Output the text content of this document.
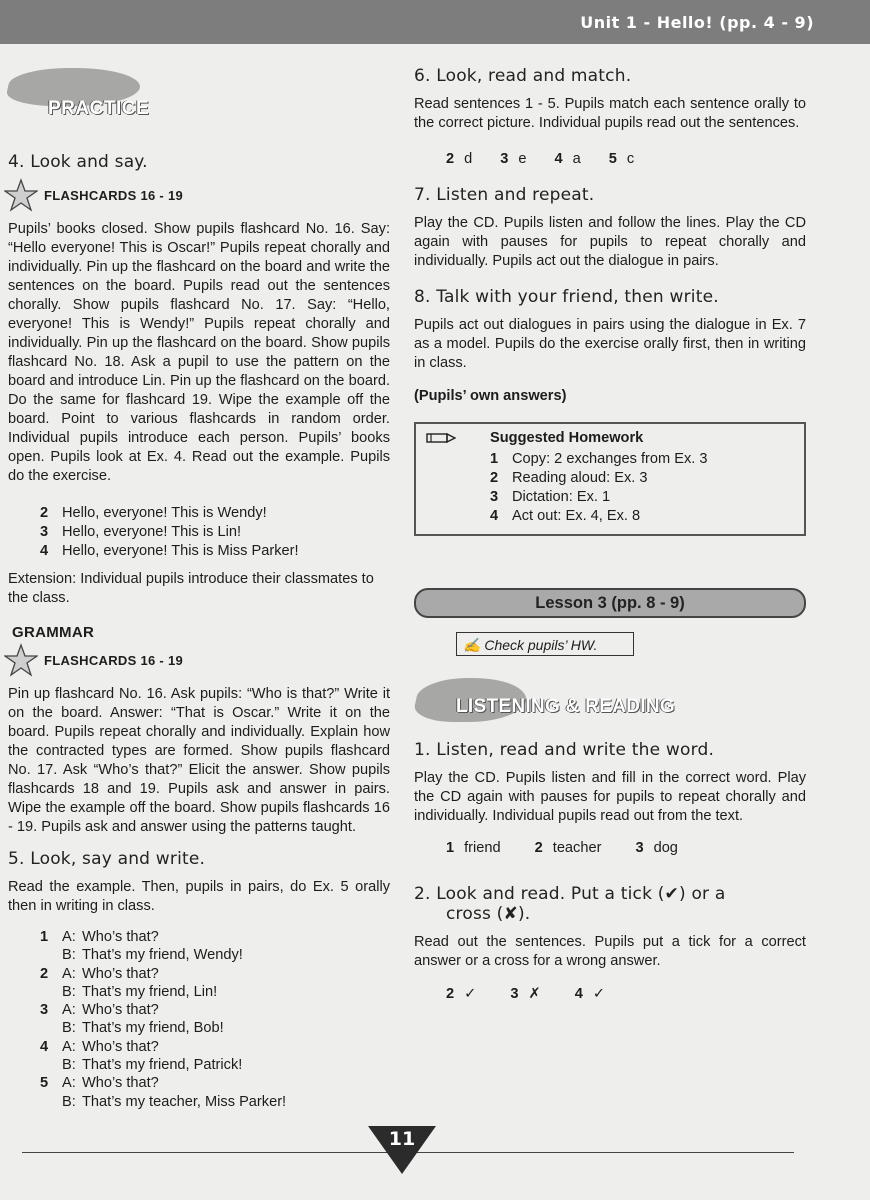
Unit 1 - Hello! (pp. 4 - 9)
PRACTICE
4. Look and say.
FLASHCARDS 16 - 19

Pupils’ books closed. Show pupils flashcard No. 16. Say: “Hello everyone! This is Oscar!” Pupils repeat chorally and individually. Pin up the flashcard on the board and write the sentences on the board. Pupils read out the sentences chorally. Show pupils flashcard No. 17. Say: “Hello, everyone! This is Wendy!” Pupils repeat chorally and individually. Pin up the flashcard on the board. Show pupils flashcard No. 18. Ask a pupil to use the pattern on the board and introduce Lin. Pin up the flashcard on the board. Do the same for flashcard 19. Wipe the example off the board. Point to various flashcards in random order. Individual pupils introduce each person. Pupils’ books open. Pupils look at Ex. 4. Read out the example. Pupils do the exercise.

2 Hello, everyone! This is Wendy!
3 Hello, everyone! This is Lin!
4 Hello, everyone! This is Miss Parker!

Extension: Individual pupils introduce their classmates to the class.

GRAMMAR
FLASHCARDS 16 - 19

Pin up flashcard No. 16. Ask pupils: “Who is that?” Write it on the board. Answer: “That is Oscar.” Write it on the board. Pupils repeat chorally and individually. Explain how the contracted types are formed. Show pupils flashcard No. 17. Ask “Who’s that?” Elicit the answer. Show pupils flashcards 18 and 19. Pupils ask and answer in pairs. Wipe the example off the board. Show pupils flashcards 16 - 19. Pupils ask and answer using the patterns taught.

5. Look, say and write.

Read the example. Then, pupils in pairs, do Ex. 5 orally then in writing in class.

1 A: Who’s that?
B: That’s my friend, Wendy!
2 A: Who’s that?
B: That’s my friend, Lin!
3 A: Who’s that?
B: That’s my friend, Bob!
4 A: Who’s that?
B: That’s my friend, Patrick!
5 A: Who’s that?
B: That’s my teacher, Miss Parker!
6. Look, read and match.

Read sentences 1 - 5. Pupils match each sentence orally to the correct picture. Individual pupils read out the sentences.

2 d 3 e 4 a 5 c
7. Listen and repeat.

Play the CD. Pupils listen and follow the lines. Play the CD again with pauses for pupils to repeat chorally and individually. Pupils act out the dialogue in pairs.

8. Talk with your friend, then write.

Pupils act out dialogues in pairs using the dialogue in Ex. 7 as a model. Pupils do the exercise orally first, then in writing in class.

(Pupils’ own answers)

Suggested Homework
1 Copy: 2 exchanges from Ex. 3
2 Reading aloud: Ex. 3
3 Dictation: Ex. 1
4 Act out: Ex. 4, Ex. 8
Lesson 3 (pp. 8 - 9)
✍ Check pupils’ HW.
LISTENING & READING
1. Listen, read and write the word.

Play the CD. Pupils listen and fill in the correct word. Play the CD again with pauses for pupils to repeat chorally and individually. Individual pupils read out from the text.

1 friend 2 teacher 3 dog
2. Look and read. Put a tick (✔) or a
cross (✘).

Read out the sentences. Pupils put a tick for a correct answer or a cross for a wrong answer.

2 ✓ 3 ✗ 4 ✓
11
